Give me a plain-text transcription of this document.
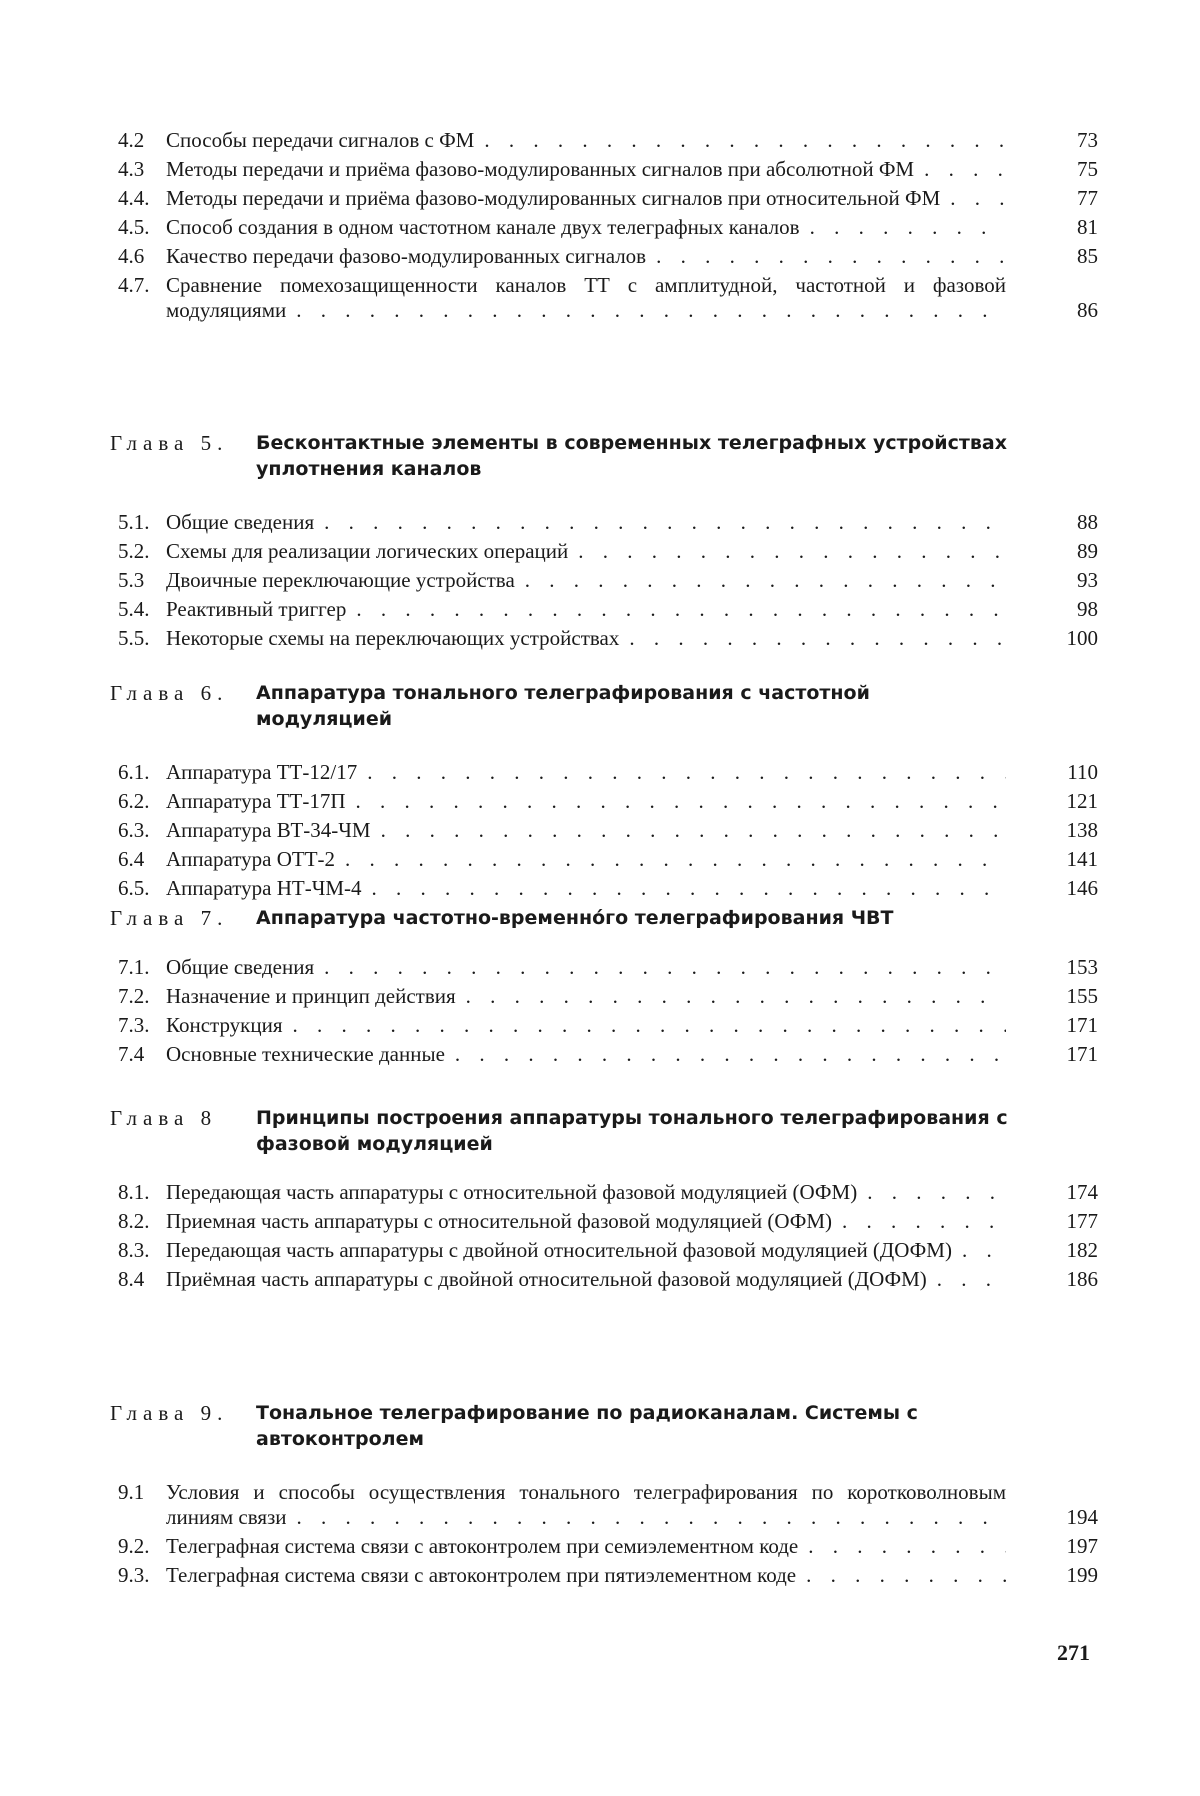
4.2	Способы передачи сигналов с ФМ . . .	73
4.3	Методы передачи и приёма фазово-модулированных сигналов при абсолютной ФМ . . .	75
4.4. Методы передачи и приёма фазово-модулированных сигналов при относительной ФМ . . .	77
4.5. Способ создания в одном частотном канале двух телеграфных каналов . . .	81
4.6	Качество передачи фазово-модулированных сигналов . . .	85
4.7. Сравнение помехозащищенности каналов ТТ с амплитудной, частотной и фазовой модуляциями . . .	86
Глава 5. Бесконтактные элементы в современных телеграфных устройствах уплотнения каналов
5.1. Общие сведения . . .	88
5.2. Схемы для реализации логических операций . . .	89
5.3	Двоичные переключающие устройства . . .	93
5.4. Реактивный триггер . . .	98
5.5. Некоторые схемы на переключающих устройствах . . .	100
Глава 6. Аппаратура тонального телеграфирования с частотной модуляцией
6.1. Аппаратура ТТ-12/17 . . .	110
6.2. Аппаратура ТТ-17П . . .	121
6.3. Аппаратура ВТ-34-ЧМ . . .	138
6.4	Аппаратура ОТТ-2 . . .	141
6.5. Аппаратура НТ-ЧМ-4 . . .	146
Глава 7. Аппаратура частотно-временно́го телеграфирования ЧВТ
7.1. Общие сведения . . .	153
7.2. Назначение и принцип действия . . .	155
7.3. Конструкция . . .	171
7.4	Основные технические данные . . .	171
Глава 8 Принципы построения аппаратуры тонального телеграфирования с фазовой модуляцией
8.1. Передающая часть аппаратуры с относительной фазовой модуляцией (ОФМ) . . .	174
8.2. Приемная часть аппаратуры с относительной фазовой модуляцией (ОФМ) . . .	177
8.3. Передающая часть аппаратуры с двойной относительной фазовой модуляцией (ДОФМ) . . .	182
8.4	Приёмная часть аппаратуры с двойной относительной фазовой модуляцией (ДОФМ) . . .	186
Глава 9. Тональное телеграфирование по радиоканалам. Системы с автоконтролем
9.1	Условия и способы осуществления тонального телеграфирования по коротковолновым линиям связи . . .	194
9.2. Телеграфная система связи с автоконтролем при семиэлементном коде . . .	197
9.3. Телеграфная система связи с автоконтролем при пятиэлементном коде . . .	199
271
